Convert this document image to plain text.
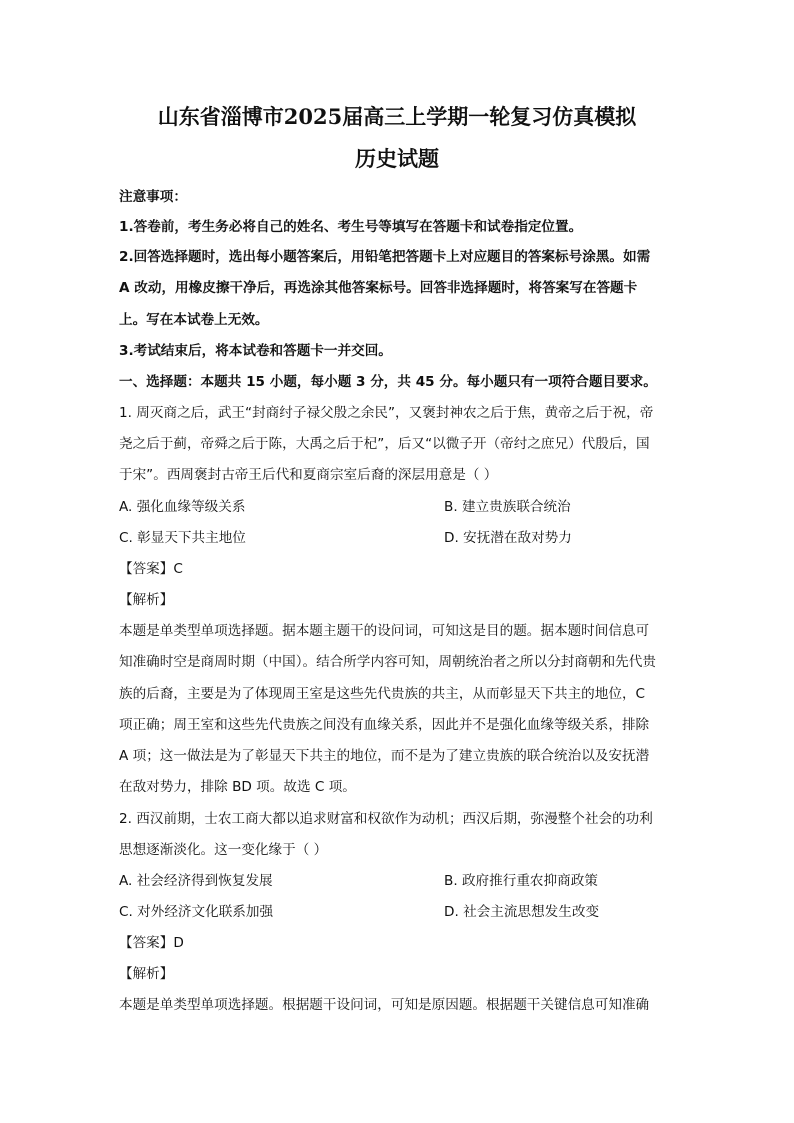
山东省淄博市2025届高三上学期一轮复习仿真模拟
历史试题
注意事项：
1.答卷前，考生务必将自己的姓名、考生号等填写在答题卡和试卷指定位置。
2.回答选择题时，选出每小题答案后，用铅笔把答题卡上对应题目的答案标号涂黑。如需
A 改动，用橡皮擦干净后，再选涂其他答案标号。回答非选择题时，将答案写在答题卡
上。写在本试卷上无效。
3.考试结束后，将本试卷和答题卡一并交回。
一、选择题：本题共 15 小题，每小题 3 分，共 45 分。每小题只有一项符合题目要求。
1. 周灭商之后，武王“封商纣子禄父殷之余民”，又褒封神农之后于焦，黄帝之后于祝，帝
尧之后于蓟，帝舜之后于陈，大禹之后于杞”，后又“以微子开（帝纣之庶兄）代殷后，国
于宋”。西周褒封古帝王后代和夏商宗室后裔的深层用意是（ ）
A. 强化血缘等级关系	B. 建立贵族联合统治
C. 彰显天下共主地位	D. 安抚潜在敌对势力
【答案】C
【解析】
本题是单类型单项选择题。据本题主题干的设问词，可知这是目的题。据本题时间信息可
知准确时空是商周时期（中国）。结合所学内容可知，周朝统治者之所以分封商朝和先代贵
族的后裔，主要是为了体现周王室是这些先代贵族的共主，从而彰显天下共主的地位，C
项正确；周王室和这些先代贵族之间没有血缘关系，因此并不是强化血缘等级关系，排除
A 项；这一做法是为了彰显天下共主的地位，而不是为了建立贵族的联合统治以及安抚潜
在敌对势力，排除 BD 项。故选 C 项。
2. 西汉前期，士农工商大都以追求财富和权欲作为动机；西汉后期，弥漫整个社会的功利
思想逐渐淡化。这一变化缘于（ ）
A. 社会经济得到恢复发展	B. 政府推行重农抑商政策
C. 对外经济文化联系加强	D. 社会主流思想发生改变
【答案】D
【解析】
本题是单类型单项选择题。根据题干设问词，可知是原因题。根据题干关键信息可知准确
